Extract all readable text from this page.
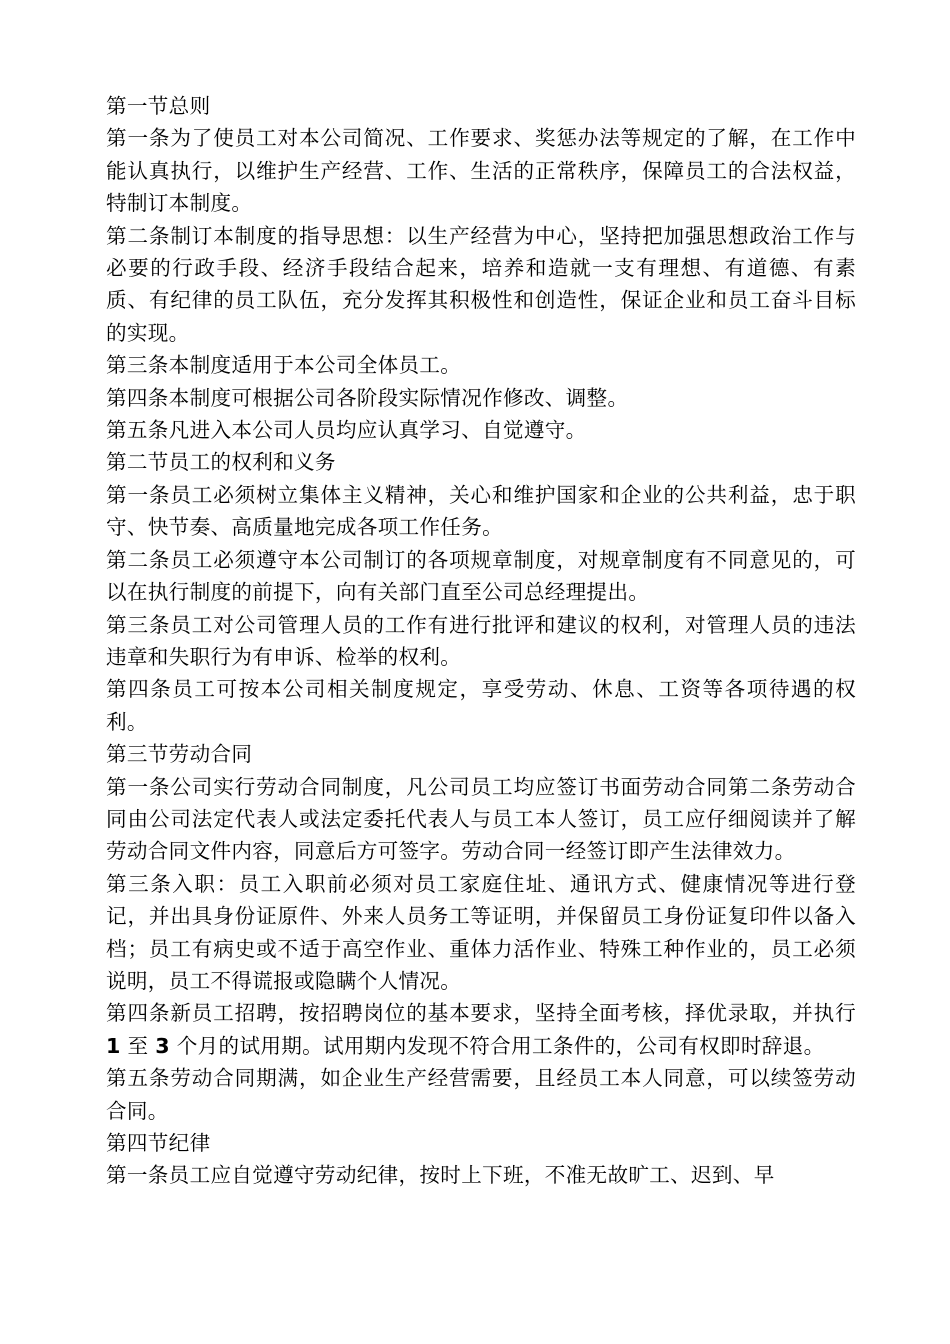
第一节总则

第一条为了使员工对本公司简况、工作要求、奖惩办法等规定的了解，在工作中能认真执行，以维护生产经营、工作、生活的正常秩序，保障员工的合法权益，特制订本制度。

第二条制订本制度的指导思想：以生产经营为中心，坚持把加强思想政治工作与必要的行政手段、经济手段结合起来，培养和造就一支有理想、有道德、有素质、有纪律的员工队伍，充分发挥其积极性和创造性，保证企业和员工奋斗目标的实现。

第三条本制度适用于本公司全体员工。

第四条本制度可根据公司各阶段实际情况作修改、调整。

第五条凡进入本公司人员均应认真学习、自觉遵守。

第二节员工的权利和义务

第一条员工必须树立集体主义精神，关心和维护国家和企业的公共利益，忠于职守、快节奏、高质量地完成各项工作任务。

第二条员工必须遵守本公司制订的各项规章制度，对规章制度有不同意见的，可以在执行制度的前提下，向有关部门直至公司总经理提出。

第三条员工对公司管理人员的工作有进行批评和建议的权利，对管理人员的违法违章和失职行为有申诉、检举的权利。

第四条员工可按本公司相关制度规定，享受劳动、休息、工资等各项待遇的权利。

第三节劳动合同

第一条公司实行劳动合同制度，凡公司员工均应签订书面劳动合同第二条劳动合同由公司法定代表人或法定委托代表人与员工本人签订，员工应仔细阅读并了解劳动合同文件内容，同意后方可签字。劳动合同一经签订即产生法律效力。

第三条入职：员工入职前必须对员工家庭住址、通讯方式、健康情况等进行登记，并出具身份证原件、外来人员务工等证明，并保留员工身份证复印件以备入档；员工有病史或不适于高空作业、重体力活作业、特殊工种作业的，员工必须说明，员工不得谎报或隐瞒个人情况。

第四条新员工招聘，按招聘岗位的基本要求，坚持全面考核，择优录取，并执行 1 至 3 个月的试用期。试用期内发现不符合用工条件的，公司有权即时辞退。

第五条劳动合同期满，如企业生产经营需要，且经员工本人同意，可以续签劳动合同。

第四节纪律

第一条员工应自觉遵守劳动纪律，按时上下班，不准无故旷工、迟到、早
